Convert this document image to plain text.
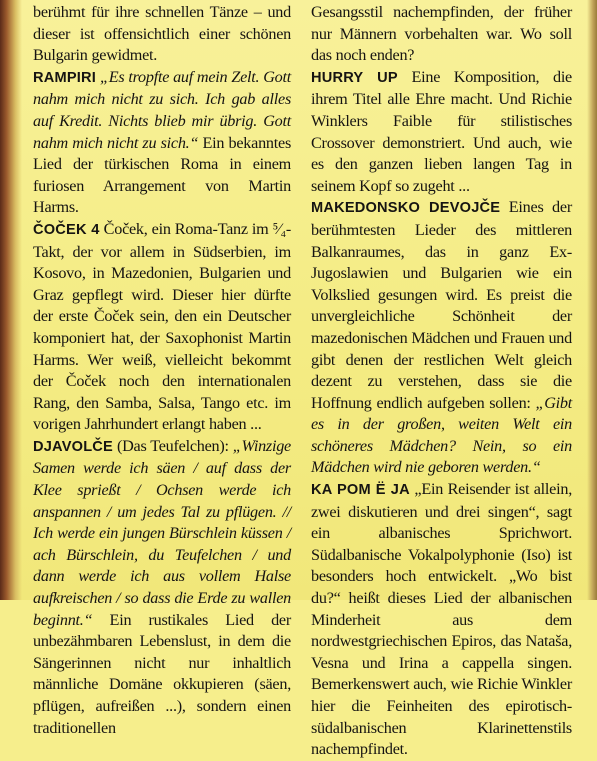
berühmt für ihre schnellen Tänze – und dieser ist offensichtlich einer schönen Bulgarin gewidmet.

RAMPIRI „Es tropfte auf mein Zelt. Gott nahm mich nicht zu sich. Ich gab alles auf Kredit. Nichts blieb mir übrig. Gott nahm mich nicht zu sich.“ Ein bekanntes Lied der türkischen Roma in einem furiosen Arrangement von Martin Harms.

ČOČEK 4 Čoček, ein Roma-Tanz im ⁵⁄₄-Takt, der vor allem in Südserbien, im Kosovo, in Mazedonien, Bulgarien und Graz gepflegt wird. Dieser hier dürfte der erste Čoček sein, den ein Deutscher komponiert hat, der Saxophonist Martin Harms. Wer weiß, vielleicht bekommt der Čoček noch den internationalen Rang, den Samba, Salsa, Tango etc. im vorigen Jahrhundert erlangt haben ...

DJAVOLČE (Das Teufelchen): „Winzige Samen werde ich säen / auf dass der Klee sprießt / Ochsen werde ich anspannen / um jedes Tal zu pflügen. // Ich werde ein jungen Bürschlein küssen / ach Bürschlein, du Teufelchen / und dann werde ich aus vollem Halse aufkreischen / so dass die Erde zu wallen beginnt.“ Ein rustikales Lied der unbezähmbaren Lebenslust, in dem die Sängerinnen nicht nur inhaltlich männliche Domäne okkupieren (säen, pflügen, aufreißen ...), sondern einen traditionellen

Gesangsstil nachempfinden, der früher nur Männern vorbehalten war. Wo soll das noch enden?

HURRY UP Eine Komposition, die ihrem Titel alle Ehre macht. Und Richie Winklers Faible für stilistisches Crossover demonstriert. Und auch, wie es den ganzen lieben langen Tag in seinem Kopf so zugeht ...

MAKEDONSKO DEVOJČE Eines der berühmtesten Lieder des mittleren Balkanraumes, das in ganz Ex-Jugoslawien und Bulgarien wie ein Volkslied gesungen wird. Es preist die unvergleichliche Schönheit der mazedonischen Mädchen und Frauen und gibt denen der restlichen Welt gleich dezent zu verstehen, dass sie die Hoffnung endlich aufgeben sollen: „Gibt es in der großen, weiten Welt ein schöneres Mädchen? Nein, so ein Mädchen wird nie geboren werden.“

KA POM Ë JA „Ein Reisender ist allein, zwei diskutieren und drei singen“, sagt ein albanisches Sprichwort. Südalbanische Vokalpolyphonie (Iso) ist besonders hoch entwickelt. „Wo bist du?“ heißt dieses Lied der albanischen Minderheit aus dem nordwestgriechischen Epiros, das Nataša, Vesna und Irina a cappella singen. Bemerkenswert auch, wie Richie Winkler hier die Feinheiten des epirotisch-südalbanischen Klarinettenstils nachempfindet.
